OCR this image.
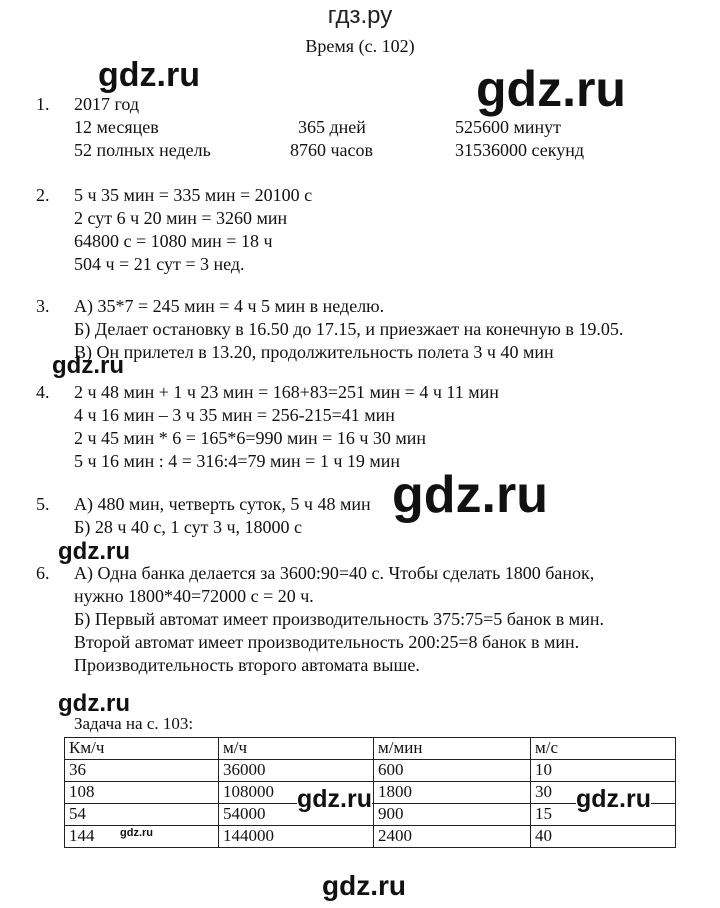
гдз.ру
Время (с. 102)
1. 2017 год
12 месяцев	365 дней	525600 минут
52 полных недель	8760 часов	31536000 секунд
2. 5 ч 35 мин = 335 мин = 20100 с
2 сут 6 ч 20 мин = 3260 мин
64800 с = 1080 мин = 18 ч
504 ч = 21 сут = 3 нед.
3. А) 35*7 = 245 мин = 4 ч 5 мин в неделю.
Б) Делает остановку в 16.50 до 17.15, и приезжает на конечную в 19.05.
В) Он прилетел в 13.20, продолжительность полета 3 ч 40 мин
4. 2 ч 48 мин + 1 ч 23 мин = 168+83=251 мин = 4 ч 11 мин
4 ч 16 мин – 3 ч 35 мин = 256-215=41 мин
2 ч 45 мин * 6 = 165*6=990 мин = 16 ч 30 мин
5 ч 16 мин : 4 = 316:4=79 мин = 1 ч 19 мин
5. А) 480 мин, четверть суток, 5 ч 48 мин
Б) 28 ч 40 с, 1 сут 3 ч, 18000 с
6. А) Одна банка делается за 3600:90=40 с. Чтобы сделать 1800 банок,
нужно 1800*40=72000 с = 20 ч.
Б) Первый автомат имеет производительность 375:75=5 банок в мин.
Второй автомат имеет производительность 200:25=8 банок в мин.
Производительность второго автомата выше.
Задача на с. 103:
Км/ч	м/ч	м/мин	м/с
36	36000	600	10
108	108000	1800	30
54	54000	900	15
144	144000	2400	40
gdz.ru	gdz.ru
gdz.ru
gdz.ru
gdz.ru
gdz.ru
gdz.ru	gdz.ru
gdz.ru
gdz.ru
